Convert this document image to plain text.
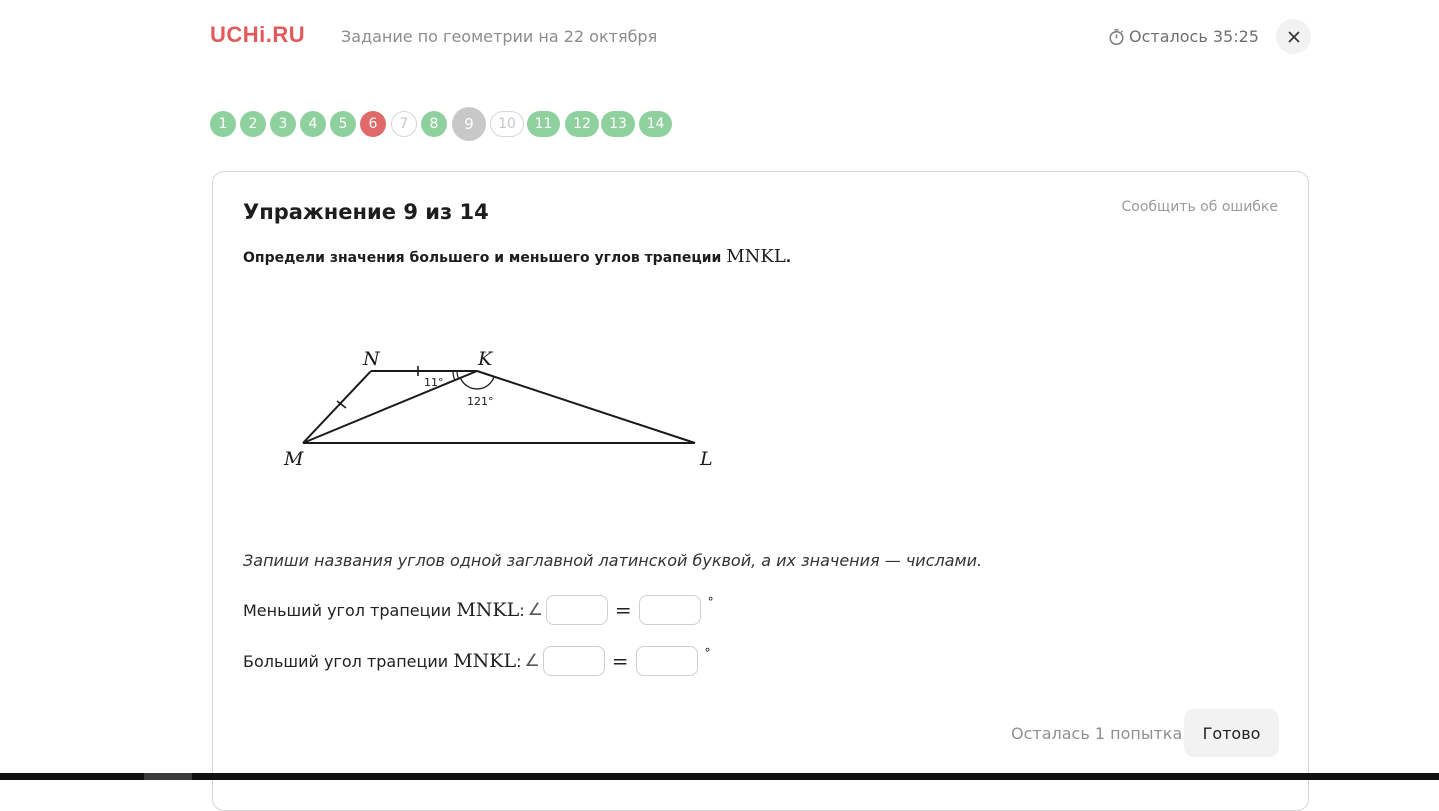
UCHi.RU Задание по геометрии на 22 октября	Осталось 35:25
1	2	3	4	5	6	7	8	9	10	11	12	13	14
Упражнение 9 из 14	Сообщить об ошибке
Определи значения большего и меньшего углов трапеции MNKL.
N	K
M	L
11°
121°
Запиши названия углов одной заглавной латинской буквой, а их значения — числами.
Меньший угол трапеции MNKL : ∠	=	°
Больший угол трапеции MNKL : ∠	=	°
Осталась 1 попытка	Готово
